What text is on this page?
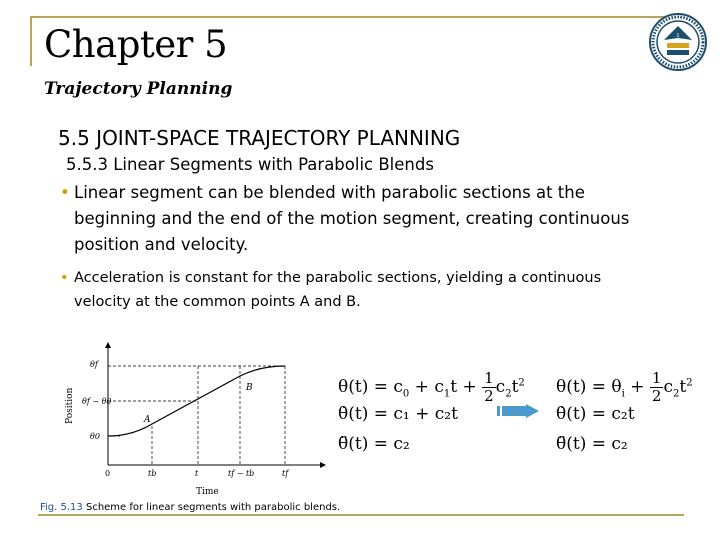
Chapter 5
Trajectory Planning
1
5.5 JOINT-SPACE TRAJECTORY PLANNING
5.5.3 Linear Segments with Parabolic Blends
• Linear segment can be blended with parabolic sections at the
beginning and the end of the motion segment, creating continuous
position and velocity.
• Acceleration is constant for the parabolic sections, yielding a continuous
velocity at the common points A and B.
θf
θf − θ0
θ0
0	tb	t	tf − tb	tf
A
B
Time
Position
Fig. 5.13 Scheme for linear segments with parabolic blends.
$\theta(t) = c_0 + c_1t + \frac{1}{2} c_2t^2$
θ̇(t) = c₁ + c₂t
θ̈(t) = c₂
$\theta(t) = \theta_i + \frac{1}{2} c_2t^2$
θ̇(t) = c₂t
θ̈(t) = c₂
